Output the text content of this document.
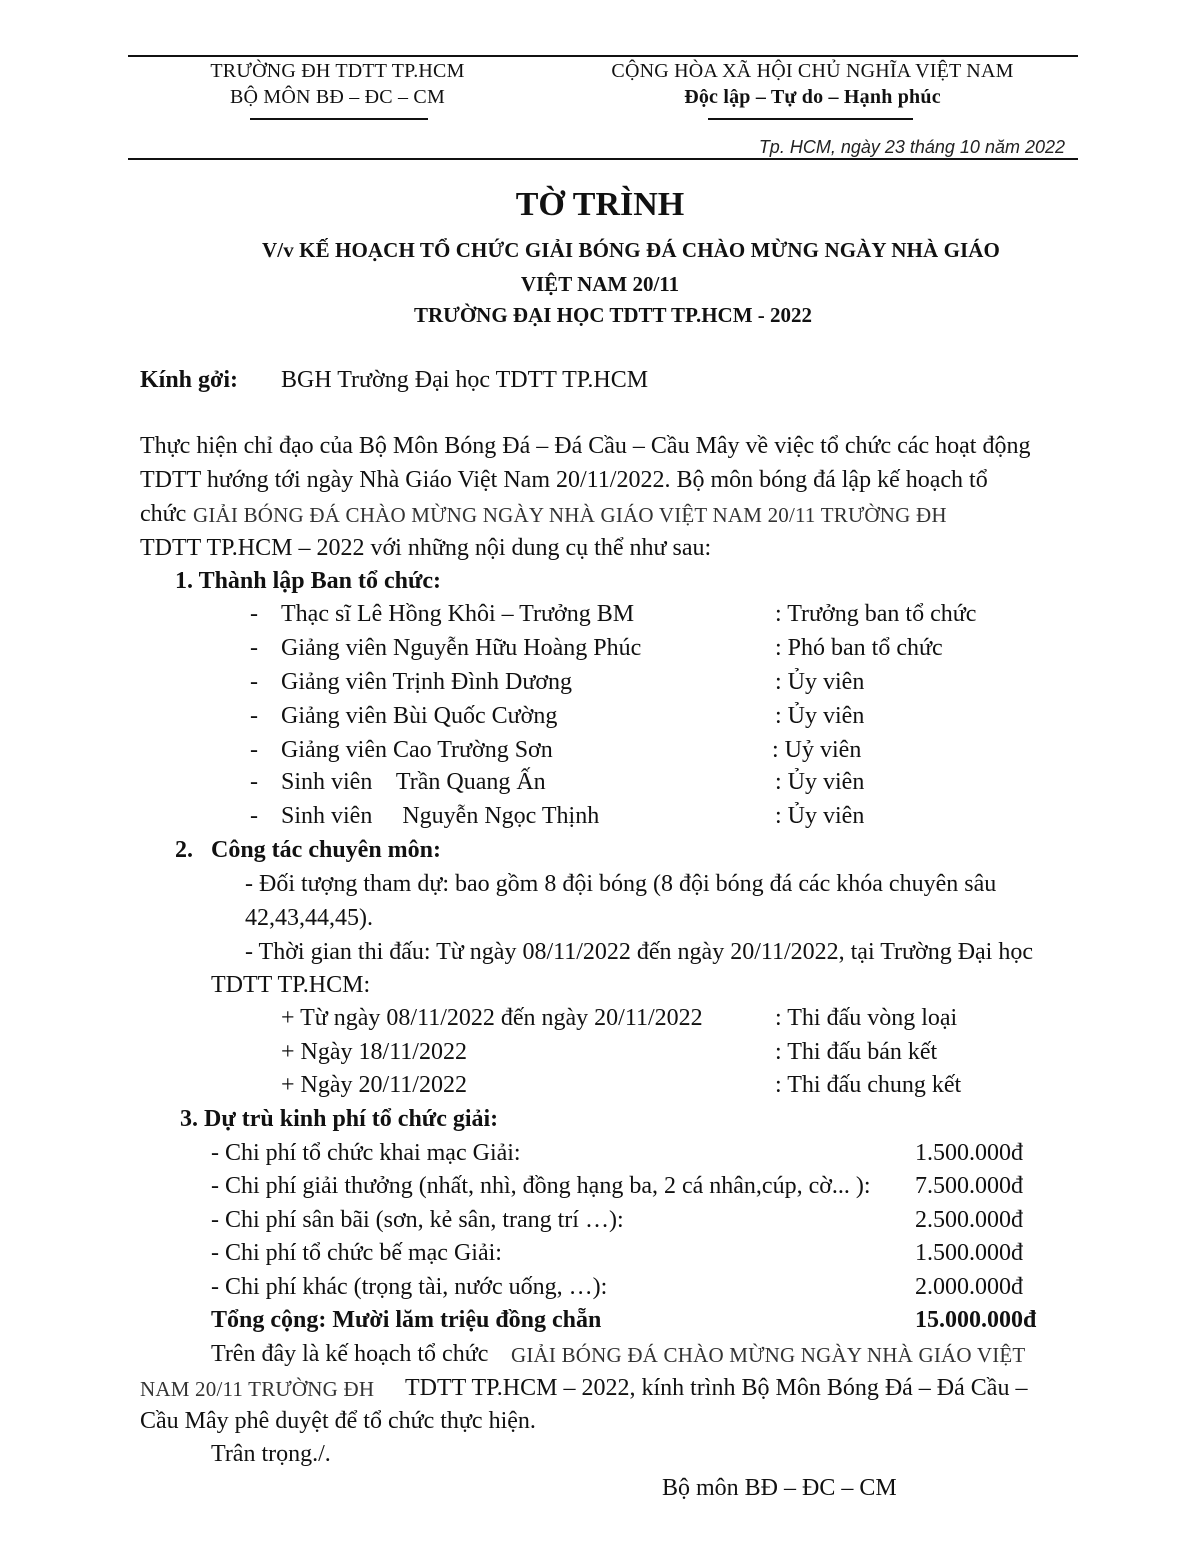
TRƯỜNG ĐH TDTT TP.HCM
BỘ MÔN BĐ – ĐC – CM
CỘNG HÒA XÃ HỘI CHỦ NGHĨA VIỆT NAM
Độc lập – Tự do – Hạnh phúc
Tp. HCM, ngày 23 tháng 10 năm 2022
TỜ TRÌNH
V/v KẾ HOẠCH TỔ CHỨC GIẢI BÓNG ĐÁ CHÀO MỪNG NGÀY NHÀ GIÁO
VIỆT NAM 20/11
TRƯỜNG ĐẠI HỌC TDTT TP.HCM - 2022
Kính gởi: BGH Trường Đại học TDTT TP.HCM
Thực hiện chỉ đạo của Bộ Môn Bóng Đá – Đá Cầu – Cầu Mây về việc tổ chức các hoạt động
TDTT hướng tới ngày Nhà Giáo Việt Nam 20/11/2022. Bộ môn bóng đá lập kế hoạch tổ
chức GIẢI BÓNG ĐÁ CHÀO MỪNG NGÀY NHÀ GIÁO VIỆT NAM 20/11 TRƯỜNG ĐH
TDTT TP.HCM – 2022 với những nội dung cụ thể như sau:
1. Thành lập Ban tổ chức:
- Thạc sĩ Lê Hồng Khôi – Trưởng BM	: Trưởng ban tổ chức
- Giảng viên Nguyễn Hữu Hoàng Phúc	: Phó ban tổ chức
- Giảng viên Trịnh Đình Dương	: Ủy viên
- Giảng viên Bùi Quốc Cường	: Ủy viên
- Giảng viên Cao Trường Sơn	: Uỷ viên
- Sinh viên    Trần Quang Ấn	: Ủy viên
- Sinh viên     Nguyễn Ngọc Thịnh	: Ủy viên
2.   Công tác chuyên môn:
- Đối tượng tham dự: bao gồm 8 đội bóng (8 đội bóng đá các khóa chuyên sâu
42,43,44,45).
- Thời gian thi đấu: Từ ngày 08/11/2022 đến ngày 20/11/2022, tại Trường Đại học
TDTT TP.HCM:
+ Từ ngày 08/11/2022 đến ngày 20/11/2022	: Thi đấu vòng loại
+ Ngày 18/11/2022	: Thi đấu bán kết
+ Ngày 20/11/2022	: Thi đấu chung kết
3. Dự trù kinh phí tổ chức giải:
- Chi phí tổ chức khai mạc Giải:	1.500.000đ
- Chi phí giải thưởng (nhất, nhì, đồng hạng ba, 2 cá nhân,cúp, cờ... ): 7.500.000đ
- Chi phí sân bãi (sơn, kẻ sân, trang trí …):	2.500.000đ
- Chi phí tổ chức bế mạc Giải:	1.500.000đ
- Chi phí khác (trọng tài, nước uống, …):	2.000.000đ
Tổng cộng: Mười lăm triệu đồng chẵn	15.000.000đ
Trên đây là kế hoạch tổ chức GIẢI BÓNG ĐÁ CHÀO MỪNG NGÀY NHÀ GIÁO VIỆT
NAM 20/11 TRƯỜNG ĐH TDTT TP.HCM – 2022, kính trình Bộ Môn Bóng Đá – Đá Cầu –
Cầu Mây phê duyệt để tổ chức thực hiện.
Trân trọng./.
Bộ môn BĐ – ĐC – CM
